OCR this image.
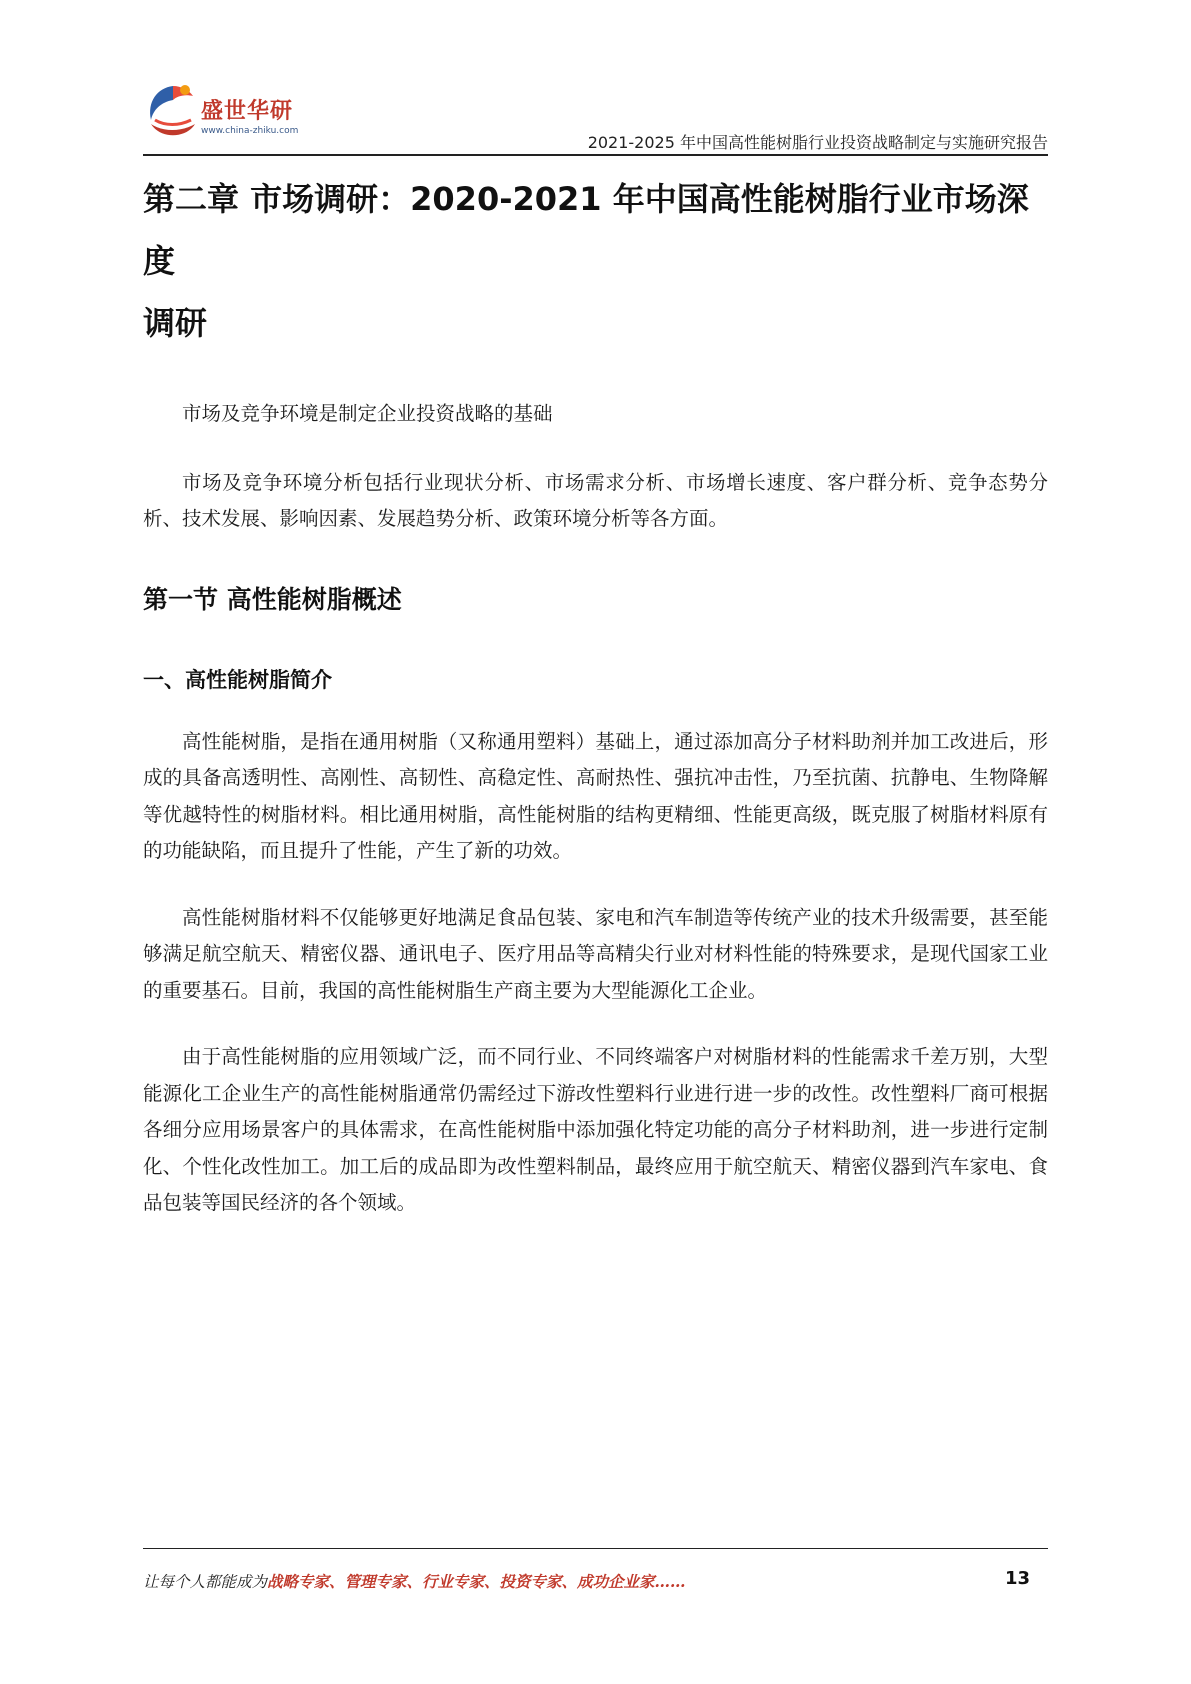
盛世华研
www.china-zhiku.com
2021-2025 年中国高性能树脂行业投资战略制定与实施研究报告
第二章 市场调研：2020-2021 年中国高性能树脂行业市场深度
调研

市场及竞争环境是制定企业投资战略的基础

市场及竞争环境分析包括行业现状分析、市场需求分析、市场增长速度、客户群分析、竞争态势分析、技术发展、影响因素、发展趋势分析、政策环境分析等各方面。

第一节 高性能树脂概述
一、高性能树脂简介

高性能树脂，是指在通用树脂（又称通用塑料）基础上，通过添加高分子材料助剂并加工改进后，形成的具备高透明性、高刚性、高韧性、高稳定性、高耐热性、强抗冲击性，乃至抗菌、抗静电、生物降解等优越特性的树脂材料。相比通用树脂，高性能树脂的结构更精细、性能更高级，既克服了树脂材料原有的功能缺陷，而且提升了性能，产生了新的功效。

高性能树脂材料不仅能够更好地满足食品包装、家电和汽车制造等传统产业的技术升级需要，甚至能够满足航空航天、精密仪器、通讯电子、医疗用品等高精尖行业对材料性能的特殊要求，是现代国家工业的重要基石。目前，我国的高性能树脂生产商主要为大型能源化工企业。

由于高性能树脂的应用领域广泛，而不同行业、不同终端客户对树脂材料的性能需求千差万别，大型能源化工企业生产的高性能树脂通常仍需经过下游改性塑料行业进行进一步的改性。改性塑料厂商可根据各细分应用场景客户的具体需求，在高性能树脂中添加强化特定功能的高分子材料助剂，进一步进行定制化、个性化改性加工。加工后的成品即为改性塑料制品，最终应用于航空航天、精密仪器到汽车家电、食品包装等国民经济的各个领域。

让每个人都能成为战略专家、管理专家、行业专家、投资专家、成功企业家……	13
